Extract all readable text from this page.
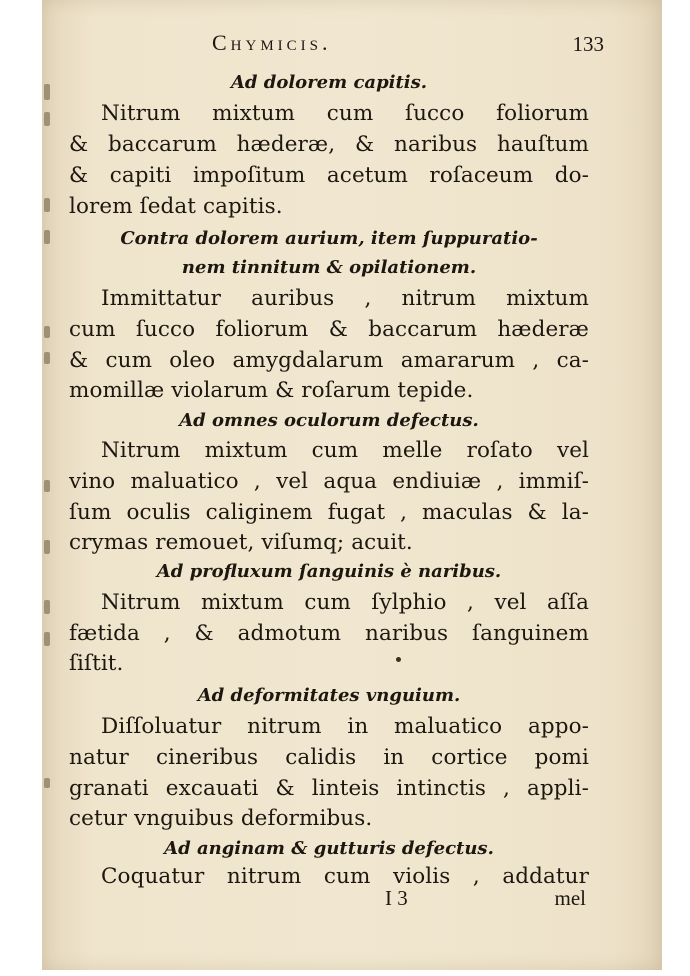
Chymicis.	133
Ad dolorem capitis.
Nitrum mixtum cum ſucco foliorum
& baccarum hæderæ, & naribus hauſtum
& capiti impoſitum acetum roſaceum do-
lorem ſedat capitis.
Contra dolorem aurium, item ſuppuratio-
nem tinnitum & opilationem.
Immittatur auribus , nitrum mixtum
cum ſucco foliorum & baccarum hæderæ
& cum oleo amygdalarum amararum , ca-
momillæ violarum & roſarum tepide.
Ad omnes oculorum defectus.
Nitrum mixtum cum melle roſato vel
vino maluatico , vel aqua endiuiæ , immiſ-
ſum oculis caliginem fugat , maculas & la-
crymas remouet, viſumq; acuit.
Ad profluxum ſanguinis è naribus.
Nitrum mixtum cum ſylphio , vel aſſa
fætida , & admotum naribus ſanguinem
ſiſtit.
Ad deformitates vnguium.
Diſſoluatur nitrum in maluatico appo-
natur cineribus calidis in cortice pomi
granati excauati & linteis intinctis , appli-
cetur vnguibus deformibus.
Ad anginam & gutturis defectus.
Coquatur nitrum cum violis , addatur
I 3	mel
